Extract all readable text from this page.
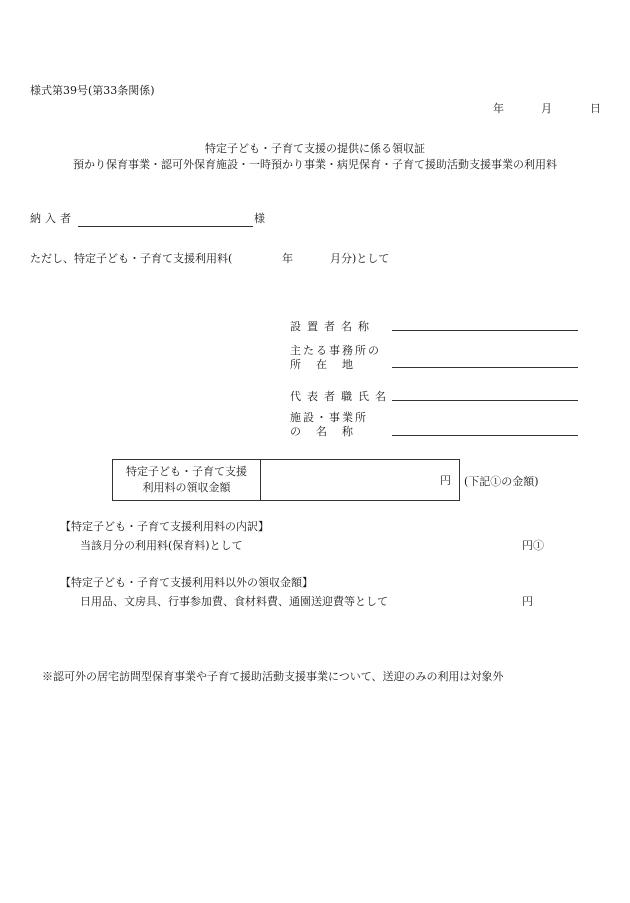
様式第39号(第33条関係)
年	月	日
特定子ども・子育て支援の提供に係る領収証
預かり保育事業・認可外保育施設・一時預かり事業・病児保育・子育て援助活動支援事業の利用料
納入者	様
ただし、特定子ども・子育て支援利用料(	年	月分)として
設置者名称
主たる事務所の
所　在　地
代表者職氏名
施設・事業所
の　名　称
特定子ども・子育て支援
利用料の領収金額
円 (下記①の金額)
【特定子ども・子育て支援利用料の内訳】
当該月分の利用料(保育料)として	円①
【特定子ども・子育て支援利用料以外の領収金額】
日用品、文房具、行事参加費、食材料費、通園送迎費等として	円
※認可外の居宅訪問型保育事業や子育て援助活動支援事業について、送迎のみの利用は対象外
